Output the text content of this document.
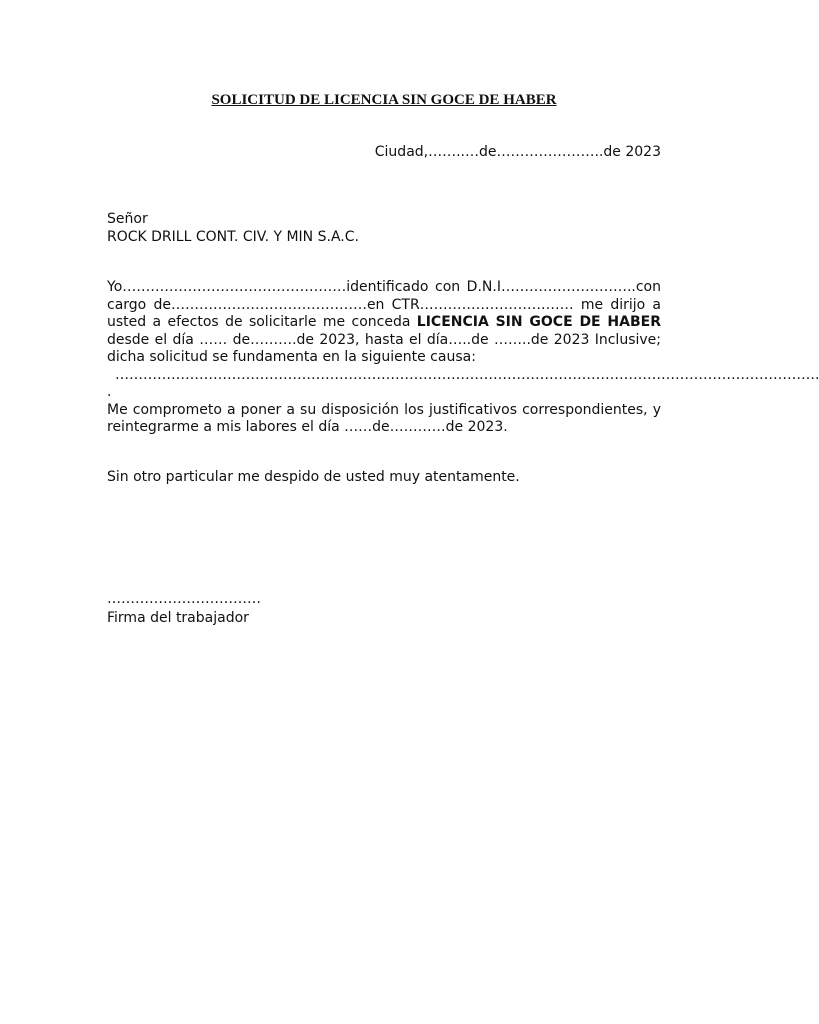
SOLICITUD DE LICENCIA SIN GOCE DE HABER
Ciudad,……..…de…………………..de 2023
Señor
ROCK DRILL CONT. CIV. Y MIN S.A.C.

Yo…………………………………………identificado con D.N.I………………………..con cargo de……………………………………en CTR…………………………… me dirijo a usted a efectos de solicitarle me conceda LICENCIA SIN GOCE DE HABER desde el día …… de……….de 2023, hasta el día…..de ……..de 2023 Inclusive; dicha solicitud se fundamenta en la siguiente causa:

…………………………………………………………………………………………………………………………………….
.

Me comprometo a poner a su disposición los justificativos correspondientes, y reintegrarme a mis labores el día ……de…………de 2023.

Sin otro particular me despido de usted muy atentamente.
……………………………
Firma del trabajador
